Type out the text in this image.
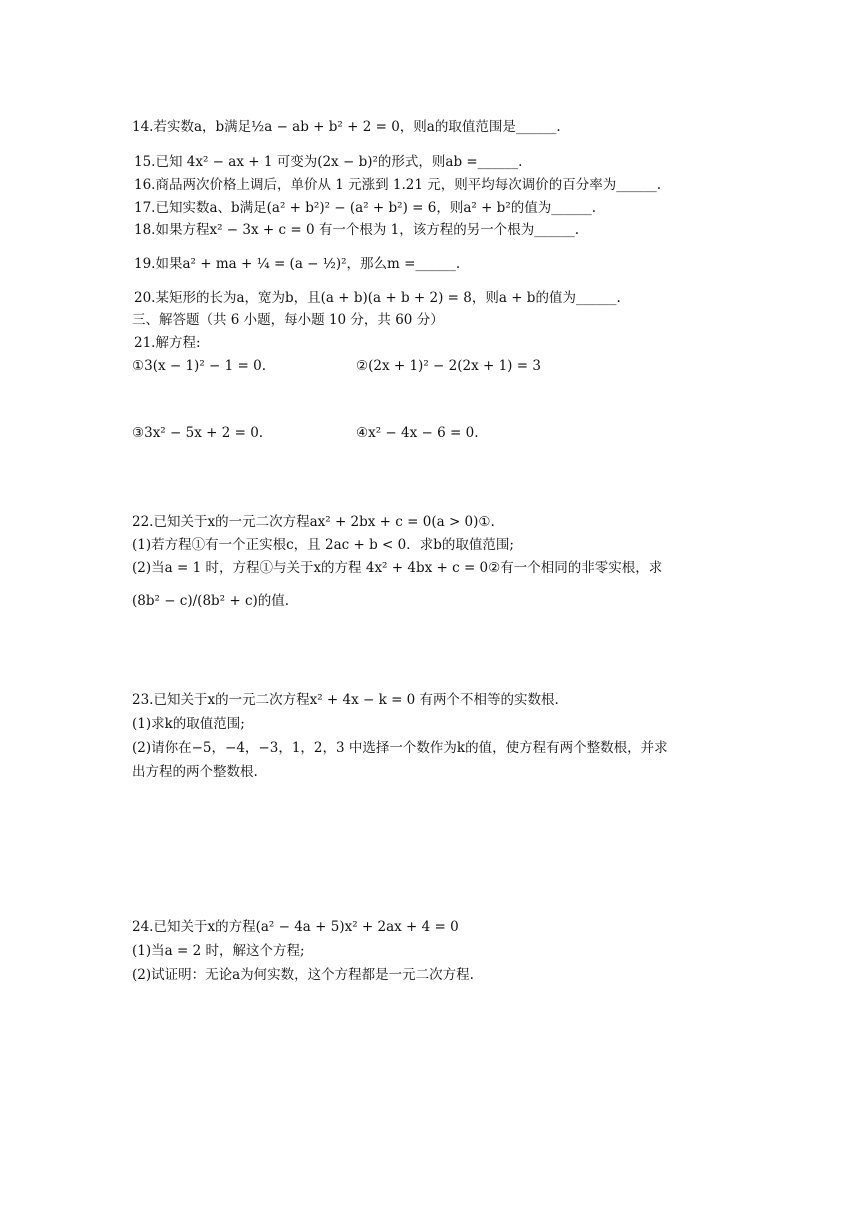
14.若实数a，b满足½a − ab + b² + 2 = 0，则a的取值范围是______.
15.已知 4x² − ax + 1 可变为(2x − b)²的形式，则ab =______.
16.商品两次价格上调后，单价从 1 元涨到 1.21 元，则平均每次调价的百分率为______.
17.已知实数a、b满足(a² + b²)² − (a² + b²) = 6，则a² + b²的值为______.
18.如果方程x² − 3x + c = 0 有一个根为 1，该方程的另一个根为______.
19.如果a² + ma + ¼ = (a − ½)²，那么m =______.
20.某矩形的长为a，宽为b，且(a + b)(a + b + 2) = 8，则a + b的值为______.
三、解答题（共 6 小题，每小题 10 分，共 60 分）
21.解方程:
①3(x − 1)² − 1 = 0.	②(2x + 1)² − 2(2x + 1) = 3
③3x² − 5x + 2 = 0.	④x² − 4x − 6 = 0.
22.已知关于x的一元二次方程ax² + 2bx + c = 0(a > 0)①.
(1)若方程①有一个正实根c，且 2ac + b < 0．求b的取值范围;
(2)当a = 1 时，方程①与关于x的方程 4x² + 4bx + c = 0②有一个相同的非零实根，求
(8b² − c)/(8b² + c)的值.
23.已知关于x的一元二次方程x² + 4x − k = 0 有两个不相等的实数根.
(1)求k的取值范围;
(2)请你在−5，−4，−3，1，2，3 中选择一个数作为k的值，使方程有两个整数根，并求
出方程的两个整数根.
24.已知关于x的方程(a² − 4a + 5)x² + 2ax + 4 = 0
(1)当a = 2 时，解这个方程;
(2)试证明：无论a为何实数，这个方程都是一元二次方程.
